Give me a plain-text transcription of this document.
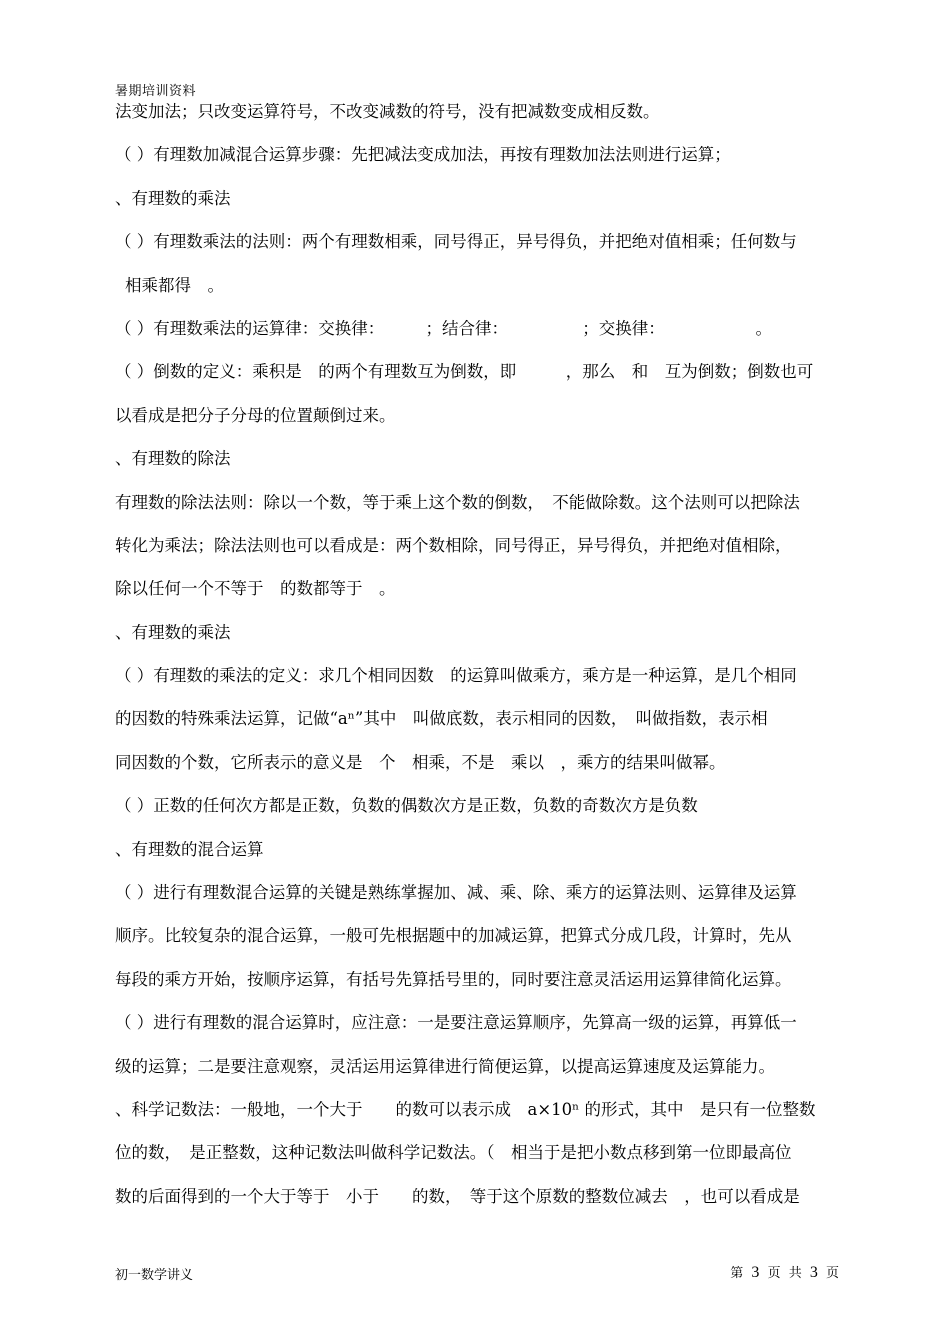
暑期培训资料
法变加法；只改变运算符号，不改变减数的符号，没有把减数变成相反数。
（ ）有理数加减混合运算步骤：先把减法变成加法，再按有理数加法法则进行运算；
、有理数的乘法
（ ）有理数乘法的法则：两个有理数相乘，同号得正，异号得负，并把绝对值相乘；任何数与
相乘都得　。
（ ）有理数乘法的运算律：交换律：　　　；结合律：　　　　　；交换律：　　　　　　。
（ ）倒数的定义：乘积是　的两个有理数互为倒数，即　　　，那么　和　互为倒数；倒数也可
以看成是把分子分母的位置颠倒过来。
、有理数的除法
有理数的除法法则：除以一个数，等于乘上这个数的倒数，　不能做除数。这个法则可以把除法
转化为乘法；除法法则也可以看成是：两个数相除，同号得正，异号得负，并把绝对值相除，
除以任何一个不等于　的数都等于　。
、有理数的乘法
（ ）有理数的乘法的定义：求几个相同因数　的运算叫做乘方，乘方是一种运算，是几个相同
的因数的特殊乘法运算，记做“aⁿ”其中　叫做底数，表示相同的因数，　叫做指数，表示相
同因数的个数，它所表示的意义是　个　相乘，不是　乘以　，乘方的结果叫做幂。
（ ）正数的任何次方都是正数，负数的偶数次方是正数，负数的奇数次方是负数
、有理数的混合运算
（ ）进行有理数混合运算的关键是熟练掌握加、减、乘、除、乘方的运算法则、运算律及运算
顺序。比较复杂的混合运算，一般可先根据题中的加减运算，把算式分成几段，计算时，先从
每段的乘方开始，按顺序运算，有括号先算括号里的，同时要注意灵活运用运算律简化运算。
（ ）进行有理数的混合运算时，应注意：一是要注意运算顺序，先算高一级的运算，再算低一
级的运算；二是要注意观察，灵活运用运算律进行简便运算，以提高运算速度及运算能力。
、科学记数法：一般地，一个大于　　的数可以表示成　a×10ⁿ 的形式，其中　是只有一位整数
位的数，　是正整数，这种记数法叫做科学记数法。（　相当于是把小数点移到第一位即最高位
数的后面得到的一个大于等于　小于　　的数，　等于这个原数的整数位减去　，也可以看成是
初一数学讲义	第 3 页 共 3 页
